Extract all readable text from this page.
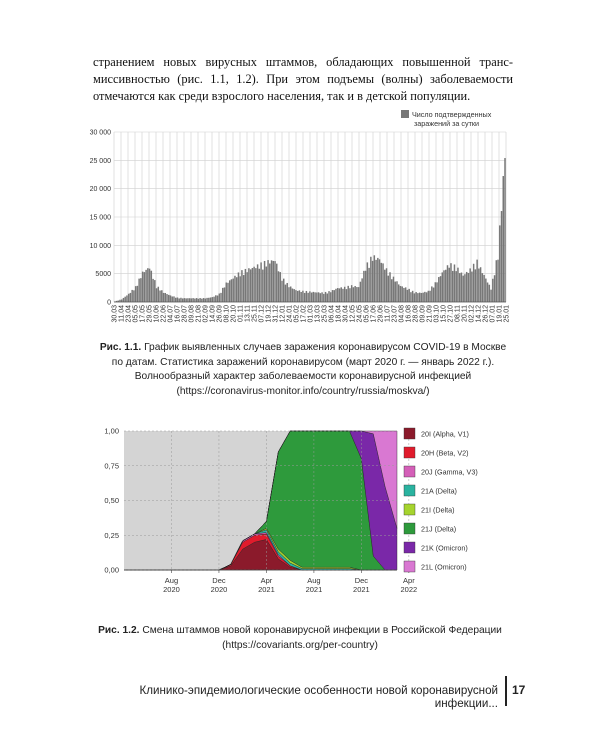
странением новых вирусных штаммов, обладающих повышенной транс-
миссивностью (рис. 1.1, 1.2). При этом подъемы (волны) заболеваемости
отмечаются как среди взрослого населения, так и в детской популяции.

0
5000
10 000
15 000
20 000
25 000
30 000
30.03 11.04 23.04 05.05 17.05 29.05 10.06 22.06 04.07 16.07 28.07 09.08 21.08 02.09 14.09 26.09 08.10 20.10 01.11 13.11 25.11 07.12 19.12 31.12 12.01 24.01 05.02 17.02 01.03 13.03 25.03 06.04 18.04 30.04 12.05 24.05 05.06 17.06 29.06 11.07 23.07 04.08 16.08 28.08 09.09 21.09 03.10 15.10 27.10 08.11 20.11 02.12 14.12 26.12 07.01 19.01 25.01
Число подтвержденных
заражений за сутки

Рис. 1.1. График выявленных случаев заражения коронавирусом COVID-19 в Москве по датам. Статистика заражений коронавирусом (март 2020 г. — январь 2022 г.). Волнообразный характер заболеваемости коронавирусной инфекцией (https://coronavirus-monitor.info/country/russia/moskva/)

0,00
0,25
0,50
0,75
1,00
Aug
2020
Dec
2020
Apr
2021
Aug
2021
Dec
2021
Apr
2022
20I (Alpha, V1)
20H (Beta, V2)
20J (Gamma, V3)
21A (Delta)
21I (Delta)
21J (Delta)
21K (Omicron)
21L (Omicron)

Рис. 1.2. Смена штаммов новой коронавирусной инфекции в Российской Федерации (https://covariants.org/per-country)

Клинико-эпидемиологические особенности новой коронавирусной инфекции...
17
